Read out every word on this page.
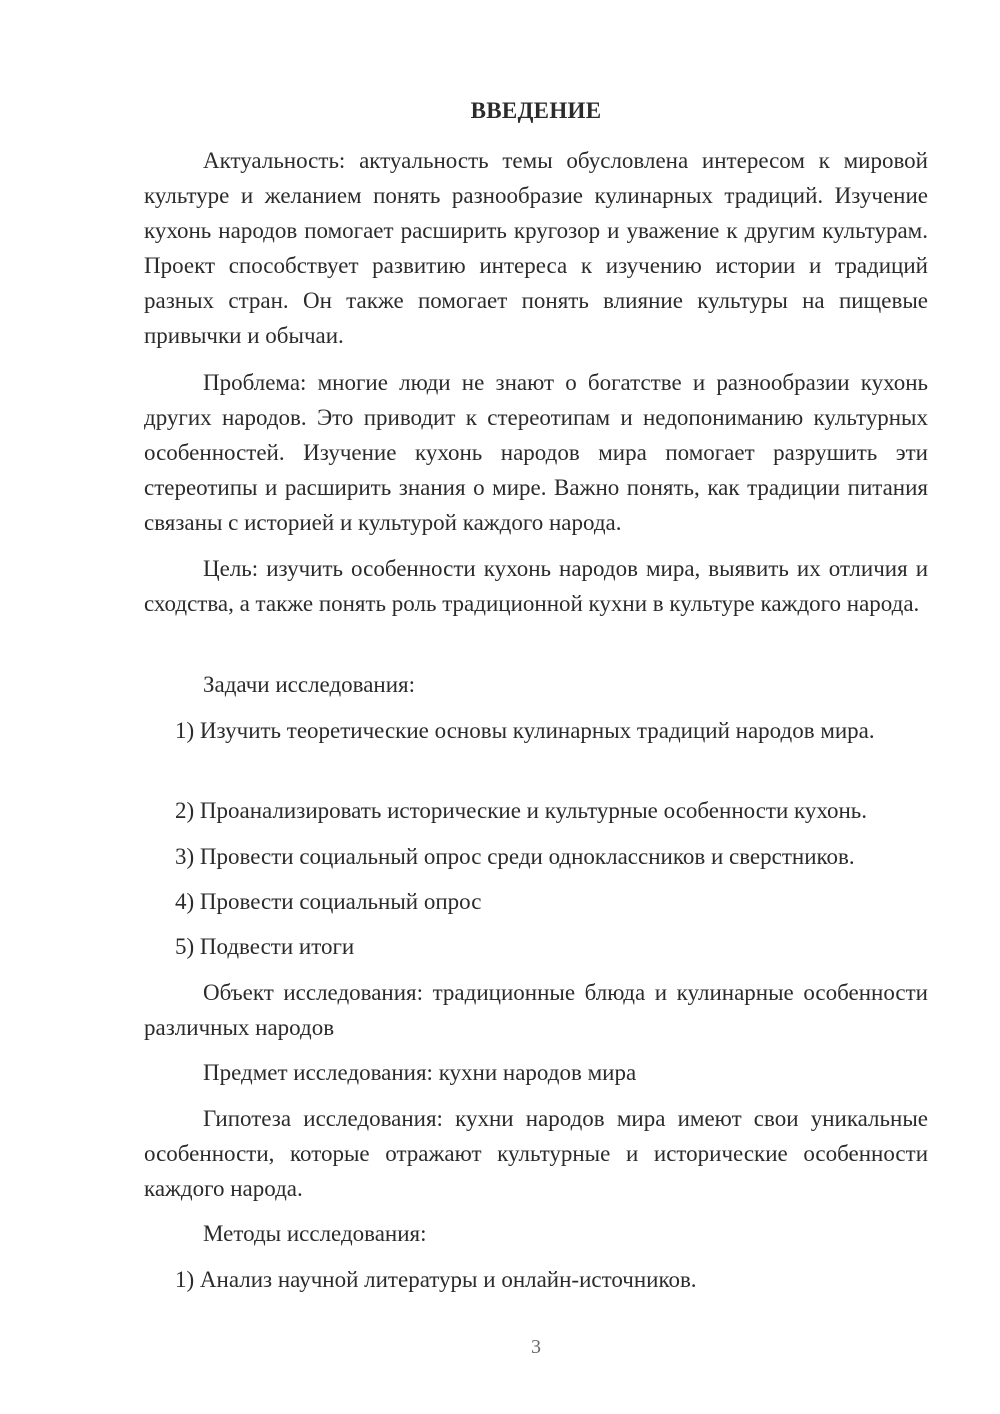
ВВЕДЕНИЕ

Актуальность: актуальность темы обусловлена интересом к мировой культуре и желанием понять разнообразие кулинарных традиций. Изучение кухонь народов помогает расширить кругозор и уважение к другим культурам. Проект способствует развитию интереса к изучению истории и традиций разных стран. Он также помогает понять влияние культуры на пищевые привычки и обычаи.

Проблема: многие люди не знают о богатстве и разнообразии кухонь других народов. Это приводит к стереотипам и недопониманию культурных особенностей. Изучение кухонь народов мира помогает разрушить эти стереотипы и расширить знания о мире. Важно понять, как традиции питания связаны с историей и культурой каждого народа.

Цель: изучить особенности кухонь народов мира, выявить их отличия и сходства, а также понять роль традиционной кухни в культуре каждого народа.

Задачи исследования:

1) Изучить теоретические основы кулинарных традиций народов мира.

2) Проанализировать исторические и культурные особенности кухонь.

3) Провести социальный опрос среди одноклассников и сверстников.

4) Провести социальный опрос

5) Подвести итоги

Объект исследования: традиционные блюда и кулинарные особенности различных народов

Предмет исследования: кухни народов мира

Гипотеза исследования: кухни народов мира имеют свои уникальные особенности, которые отражают культурные и исторические особенности каждого народа.

Методы исследования:

1) Анализ научной литературы и онлайн-источников.

3
